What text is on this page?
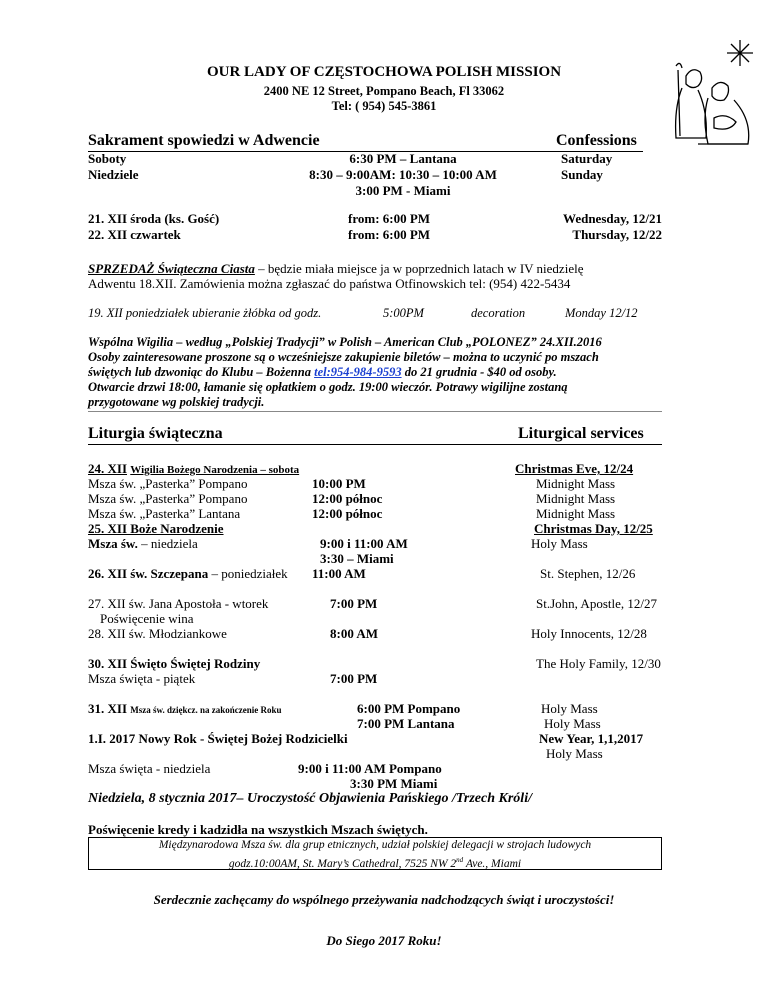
OUR LADY OF CZĘSTOCHOWA POLISH MISSION
2400 NE 12 Street, Pompano Beach, Fl 33062
Tel: ( 954) 545-3861
Sakrament spowiedzi w Adwencie	Confessions
Soboty	6:30 PM – Lantana	Saturday
Niedziele	8:30 – 9:00AM: 10:30 – 10:00 AM	Sunday
3:00 PM - Miami
21. XII środa (ks. Gość)	from: 6:00 PM	Wednesday, 12/21
22. XII czwartek	from: 6:00 PM	Thursday, 12/22
SPRZEDAŻ Świąteczna Ciasta – będzie miała miejsce ja w poprzednich latach w IV niedzielę
Adwentu 18.XII. Zamówienia można zgłaszać do państwa Otfinowskich tel: (954) 422-5434
19. XII poniedziałek ubieranie żłóbka od godz.	5:00PM	decoration	Monday 12/12
Wspólna Wigilia – według „Polskiej Tradycji” w Polish – American Club „POLONEZ” 24.XII.2016
Osoby zainteresowane proszone są o wcześniejsze zakupienie biletów – można to uczynić po mszach
świętych lub dzwoniąc do Klubu – Bożenna tel:954-984-9593 do 21 grudnia - $40 od osoby.
Otwarcie drzwi 18:00, łamanie się opłatkiem o godz. 19:00 wieczór. Potrawy wigilijne zostaną
przygotowane wg polskiej tradycji.
Liturgia świąteczna	Liturgical services
24. XII Wigilia Bożego Narodzenia – sobota	Christmas Eve, 12/24
Msza św. „Pasterka” Pompano	10:00 PM	Midnight Mass
Msza św. „Pasterka” Pompano	12:00 północ	Midnight Mass
Msza św. „Pasterka” Lantana	12:00 północ	Midnight Mass
25. XII Boże Narodzenie	Christmas Day, 12/25
Msza św. – niedziela	9:00 i 11:00 AM	Holy Mass
3:30 – Miami
26. XII św. Szczepana – poniedziałek 11:00 AM	St. Stephen, 12/26
27. XII św. Jana Apostoła - wtorek	7:00 PM	St.John, Apostle, 12/27
Poświęcenie wina
28. XII św. Młodziankowe	8:00 AM	Holy Innocents, 12/28
30. XII Święto Świętej Rodziny	The Holy Family, 12/30
Msza święta - piątek	7:00 PM
31. XII Msza św. dziękcz. na zakończenie Roku	6:00 PM Pompano	Holy Mass
7:00 PM Lantana	Holy Mass
1.I. 2017 Nowy Rok - Świętej Bożej Rodzicielki	New Year, 1,1,2017
Holy Mass
Msza święta - niedziela	9:00 i 11:00 AM Pompano
3:30 PM Miami
Niedziela, 8 stycznia 2017– Uroczystość Objawienia Pańskiego /Trzech Króli/
Poświęcenie kredy i kadzidła na wszystkich Mszach świętych.
Międzynarodowa Msza św. dla grup etnicznych, udział polskiej delegacji w strojach ludowych
godz.10:00AM, St. Mary’s Cathedral, 7525 NW 2nd Ave., Miami
Serdecznie zachęcamy do wspólnego przeżywania nadchodzących świąt i uroczystości!
Do Siego 2017 Roku!
